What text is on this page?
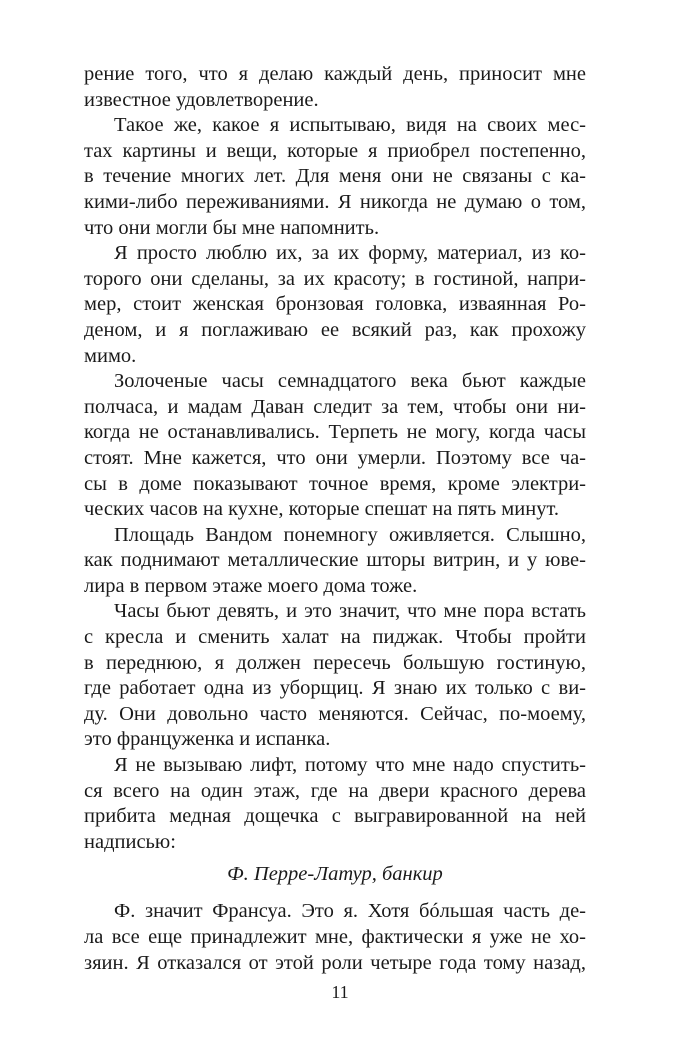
рение того, что я делаю каждый день, приносит мне
известное удовлетворение.
Такое же, какое я испытываю, видя на своих мес-
тах картины и вещи, которые я приобрел постепенно,
в течение многих лет. Для меня они не связаны с ка-
кими-либо переживаниями. Я никогда не думаю о том,
что они могли бы мне напомнить.
Я просто люблю их, за их форму, материал, из ко-
торого они сделаны, за их красоту; в гостиной, напри-
мер, стоит женская бронзовая головка, изваянная Ро-
деном, и я поглаживаю ее всякий раз, как прохожу
мимо.
Золоченые часы семнадцатого века бьют каждые
полчаса, и мадам Даван следит за тем, чтобы они ни-
когда не останавливались. Терпеть не могу, когда часы
стоят. Мне кажется, что они умерли. Поэтому все ча-
сы в доме показывают точное время, кроме электри-
ческих часов на кухне, которые спешат на пять минут.
Площадь Вандом понемногу оживляется. Слышно,
как поднимают металлические шторы витрин, и у юве-
лира в первом этаже моего дома тоже.
Часы бьют девять, и это значит, что мне пора встать
с кресла и сменить халат на пиджак. Чтобы пройти
в переднюю, я должен пересечь большую гостиную,
где работает одна из уборщиц. Я знаю их только с ви-
ду. Они довольно часто меняются. Сейчас, по-моему,
это француженка и испанка.
Я не вызываю лифт, потому что мне надо спустить-
ся всего на один этаж, где на двери красного дерева
прибита медная дощечка с выгравированной на ней
надписью:
Ф. Перре-Латур, банкир
Ф. значит Франсуа. Это я. Хотя бóльшая часть де-
ла все еще принадлежит мне, фактически я уже не хо-
зяин. Я отказался от этой роли четыре года тому назад,
11
